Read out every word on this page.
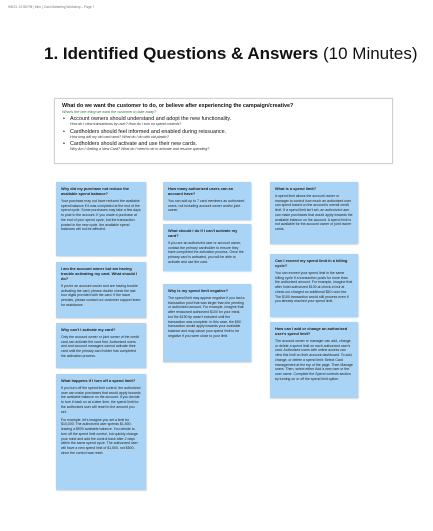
9/8/23, 12:58 PM | Miro | Card Marketing Workshop – Page 7
1. Identified Questions & Answers (10 Minutes)
What do we want the customer to do, or believe after experiencing the campaign/creative?
What's the one thing we want the customer to take away?
• Account owners should understand and adopt the new functionality.
How do I view transactions by user? How do I turn on spend controls?
• Cardholders should feel informed and enabled during reissuance.
How long will my old card work? What do I do with old plastic?
• Cardholders should activate and use their new cards.
Why Am I Getting a New Card? What do I need to do to activate and resume spending?
Why did my purchase not reduce the available spend balance?

Your purchase may not have reduced the available spend balance if it was completed at the end of the spend cycle. Some purchases may take a few days to post to the account. If you made a purchase at the end of your spend cycle, but the transaction posted in the new cycle, the available spend balances will not be affected.

I am the account owner but am having trouble activating my card. What should I do?

If you're an account owner and are having trouble activating the card, please double check the last four digits provided with the card. If the issue persists, please contact our customer support team for assistance.

Why can't I activate my card?

Only the account owner or joint owner of the credit card can activate the card first. Authorized users and and account managers cannot activate their card until the primary card holder has completed the activation process.

What happens if I turn off a spend limit?

If you turn off the spend limit control, the authorized user can make purchases that would apply towards the available balance on the account. If you decide to turn it back on at a later time, the spend limit for the authorized user will reset to the amount you set.

For example, let's imagine you set a limit for $10,000. The authorized user spends $1,500, leaving a $500 available balance. You decide to turn off the spend limit control, but quickly change your mind and add the control back after 2 days within the same spend cycle. The authorized user will have a new spend limit of $1,500, not $500, since the control was reset.

How many authorized users can an account have?

You can add up to 7 card members as authorized users, not including account owner and/or joint owner.

What should I do if I can't activate my card?

If you are an authorized user or account owner, contact the primary cardholder to ensure they have completed the activation process. Once the primary card is activated, you will be able to activate and use the card.

Why is my spend limit negative?

The spend limit may appear negative if you had a transaction post that was larger than the pending or authorized amount. For example, imagine that after restaurant authorized $100 for your meal, but the $150 tip wasn't included until the transaction was complete. In this case, the $50 transaction would apply towards your available balance and may cause your spend limit to be negative if you were close to your limit.

What is a spend limit?

A spend limit allows the account owner or manager to control how much an authorized user can spend based on the account's overall credit limit. If a spend limit isn't set, an authorized user can make purchases that would apply towards the available balance on the account. A spend limit is not available for the account owner or joint owner cards.

Can I exceed my spend limit in a billing cycle?

You can exceed your spend limit in the same billing cycle if a transaction posts for more than the authorized amount. For example, imagine that after hotel authorized $100 at check-in but at check-out charged an additional $50 room fee. The $150 transaction would still process even if you already reached your spend limit.

How can I add or change an authorized user's spend limit?

The account owner or manager can add, change, or delete a spend limit on each authorized user's card. Authorized users with online access can view this limit on their account dashboard. To add, change, or delete a spend limit: Select Card management at the top of the page. Then Manage users. Then, select either Add a new user or the user name. Complete the Spend controls section by turning on or off the spend limit option.
